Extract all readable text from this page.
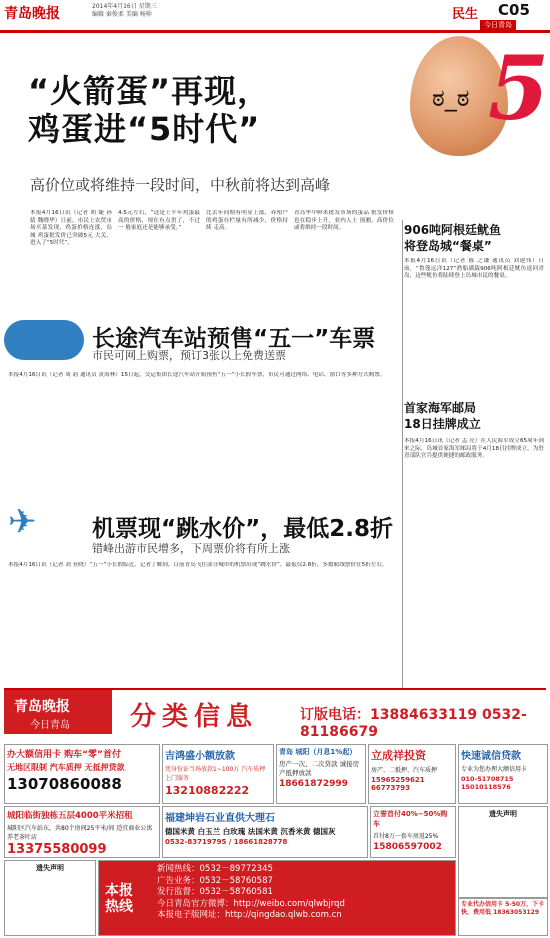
青岛晚报	2014年4月16日 星期三
编辑 秦俊柔 美编 杨帅	民生 C05
今日青岛
“火箭蛋”再现，
鸡蛋进“5时代”
ಠ_ಠ 5
高价位或将维持一段时间，中秋前将达到高峰
本报4月16日讯（记者 胡 婕 孙婧 魏晓华）日前，市民上农贸市场买菜发现，鸡蛋价格连涨，岛城 鸡蛋批发价已突破5元 大关，进入了“5时代”。
4.5元左右，“这是上半年鸡蛋最 高的价格，现在有点贵了，不过一 般家庭还是能够承受。”
比去年同期有明显上涨，养殖户 的鸡蛋存栏量有所减少，价格持续 走高。
青岛华中鲜米批发市场的蛋品 批发价格也在稳步上升，业内人士 预测，高价位或将维持一段时间。	906吨阿根廷鱿鱼
将登岛城“餐桌”
本报4月16日讯（记者 陈 之谦 通讯员 刘建伟）日前，“鲁蓬远洋127”渔船满载906吨阿根廷鱿鱼返回青岛，这些鱿鱼将陆续登上岛城市民的餐桌。
首家海军邮局
18日挂牌成立
本报4月16日讯（记者 孟 亮）在人民海军成立65周年到来之际，岛城首家海军邮局将于4月18日挂牌成立，为驻青部队官兵提供便捷的邮政服务。
长途汽车站预售“五一”车票
市民可网上购票，预订3张以上免费送票
本报4月16日讯（记者 周 韵 通讯员 黄海林）15日起，交运集团长途汽车站开始预售“五一”小长假车票，市民可通过网络、电话、窗口等多种方式购票。
✈ 机票现“跳水价”，最低2.8折
错峰出游市民增多，下周票价将有所上涨
本报4月16日讯（记者 刘 亚晓）“五一”小长假临近，记者了解到，目前青岛飞往部分城市的机票出现“跳水价”，最低仅2.8折，多数航线票价在5折左右。
青岛晚报
今日青岛	分类信息	订版电话：13884633119 0532-81186679
办大额信用卡 购车“零”首付
无地区限制 汽车质押 无抵押贷款
13070860088
吉鸿盛小额放款
凭身份证当场放款1~100万 汽车质押 上门服务
13210882222
青岛 城阳（月息1%起）
房产一次、二次贷款 诚接房产抵押放款
18661872999
立成祥投资
房产、二抵押、汽车质押
15965259621 66773793
快速诚信贷款
专业为您办理大额信用卡
010-51708715 15010118576
城阳临街独栋五层4000平米招租
城阳区汽车站东，共80个房间25平米/间 适宜商业公寓养老茶叶店
13375580099
福建坤岩石业直供大理石
德国米黄 白玉兰 白玫瑰 法国米黄 沉香米黄 德国灰
0532-83719795 / 18661828778
立誉首付40%~50%购车
首付8万一套车房返25%
15806597002
遗失声明
遗失声明
本报热线
新闻热线：0532－89772345
广告业务：0532－58760587
发行监督：0532－58760581
今日青岛官方微博：http://weibo.com/qlwbjrqd
本报电子版网址：http://qingdao.qlwb.com.cn
专业代办信用卡 5-50万，下卡快，费用低 18363053129
